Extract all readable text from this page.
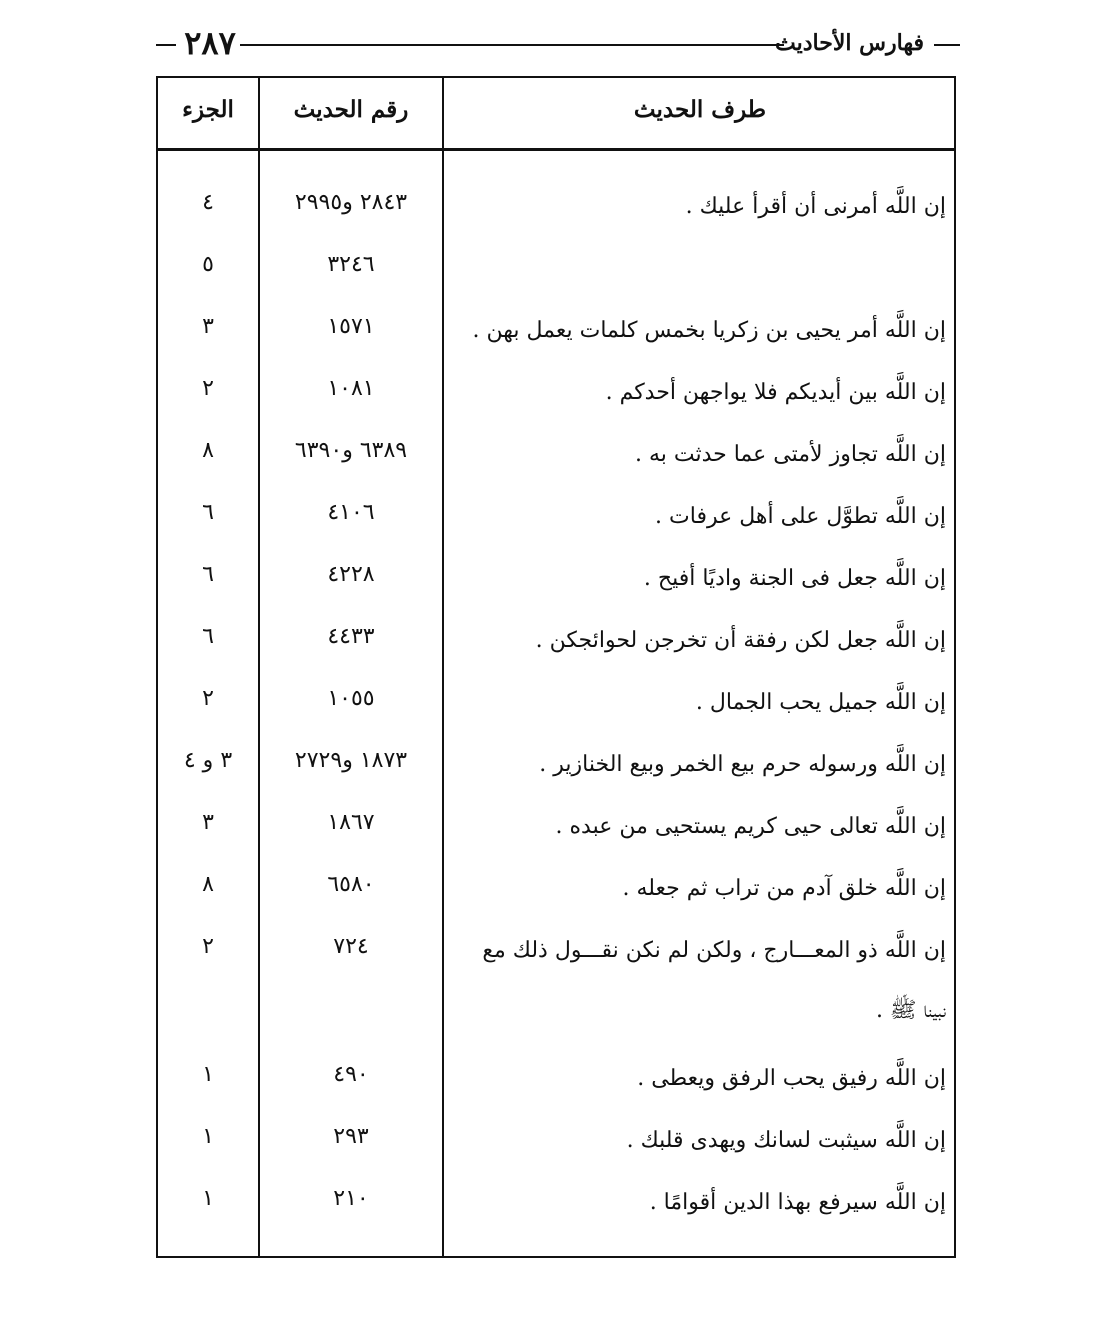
٢٨٧	فهارس الأحاديث
الجزء	رقم الحديث	طرف الحديث
٤	٢٨٤٣ و٢٩٩٥	إن اللَّه أمرنى أن أقرأ عليك .
٥	٣٢٤٦
٣	١٥٧١	إن اللَّه أمر يحيى بن زكريا بخمس كلمات يعمل بهن .
٢	١٠٨١	إن اللَّه بين أيديكم فلا يواجهن أحدكم .
٨	٦٣٨٩ و٦٣٩٠	إن اللَّه تجاوز لأمتى عما حدثت به .
٦	٤١٠٦	إن اللَّه تطوَّل على أهل عرفات .
٦	٤٢٢٨	إن اللَّه جعل فى الجنة واديًا أفيح .
٦	٤٤٣٣	إن اللَّه جعل لكن رفقة أن تخرجن لحوائجكن .
٢	١٠٥٥	إن اللَّه جميل يحب الجمال .
٣ و ٤	١٨٧٣ و٢٧٢٩	إن اللَّه ورسوله حرم بيع الخمر وبيع الخنازير .
٣	١٨٦٧	إن اللَّه تعالى حيى كريم يستحيى من عبده .
٨	٦٥٨٠	إن اللَّه خلق آدم من تراب ثم جعله .
٢	٧٢٤	إن اللَّه ذو المعـــارج ، ولكن لم نكن نقـــول ذلك مع
نبينا ﷺ .
١	٤٩٠	إن اللَّه رفيق يحب الرفق ويعطى .
١	٢٩٣	إن اللَّه سيثبت لسانك ويهدى قلبك .
١	٢١٠	إن اللَّه سيرفع بهذا الدين أقوامًا .
